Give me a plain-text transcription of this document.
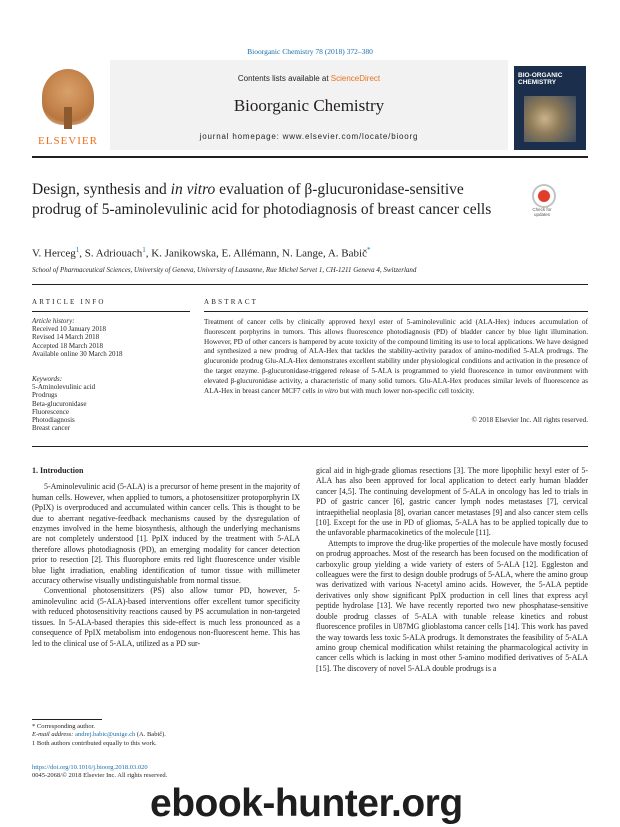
Bioorganic Chemistry 78 (2018) 372–380
ELSEVIER
Contents lists available at ScienceDirect
Bioorganic Chemistry
journal homepage: www.elsevier.com/locate/bioorg
BIO-ORGANIC CHEMISTRY
Design, synthesis and in vitro evaluation of β-glucuronidase-sensitive prodrug of 5-aminolevulinic acid for photodiagnosis of breast cancer cells	Check for updates
V. Herceg$^1$, S. Adriouach$^1$, K. Janikowska, E. Allémann, N. Lange, A. Babič*
School of Pharmaceutical Sciences, University of Geneva, University of Lausanne, Rue Michel Servet 1, CH-1211 Geneva 4, Switzerland
ARTICLE INFO	ABSTRACT
Article history:
Received 10 January 2018
Revised 14 March 2018
Accepted 18 March 2018
Available online 30 March 2018
Keywords:
5-Aminolevulinic acid
Prodrugs
Beta-glucuronidase
Fluorescence
Photodiagnosis
Breast cancer
Treatment of cancer cells by clinically approved hexyl ester of 5-aminolevulinic acid (ALA-Hex) induces accumulation of fluorescent porphyrins in tumors. This allows fluorescence photodiagnosis (PD) of bladder cancer by blue light illumination. However, PD of other cancers is hampered by acute toxicity of the compound limiting its use to local applications. We have designed and synthesized a new prodrug of ALA-Hex that tackles the stability-activity paradox of amino-modified 5-ALA prodrugs. The glucuronide prodrug Glu-ALA-Hex demonstrates excellent stability under physiological conditions and activation in the presence of the target enzyme. β-glucuronidase-triggered release of 5-ALA is programmed to yield fluorescence in tumor environment with elevated β-glucuronidase activity, a characteristic of many solid tumors. Glu-ALA-Hex produces similar levels of fluorescence as ALA-Hex in breast cancer MCF7 cells in vitro but with much lower non-specific cell toxicity.
© 2018 Elsevier Inc. All rights reserved.

1. Introduction

5-Aminolevulinic acid (5-ALA) is a precursor of heme present in the majority of human cells. However, when applied to tumors, a photosensitizer protoporphyrin IX (PpIX) is overproduced and accumulated within cancer cells. This is thought to be due to aberrant negative-feedback mechanisms caused by the dysregulation of enzymes involved in the heme biosynthesis, although the underlying mechanisms are not completely understood [1]. PpIX induced by the treatment with 5-ALA therefore allows photodiagnosis (PD), an emerging modality for cancer detection prior to resection [2]. This fluorophore emits red light fluorescence under visible blue light irradiation, enabling identification of tumor tissue with millimeter accuracy otherwise visually undistinguishable from normal tissue.

Conventional photosensitizers (PS) also allow tumor PD, however, 5-aminolevulinc acid (5-ALA)-based interventions offer excellent tumor specificity with reduced photosensitivity reactions caused by PS accumulation in non-targeted tissues. In 5-ALA-based therapies this side-effect is much less pronounced as a consequence of PpIX metabolism into endogenous non-fluorescent heme. This has led to the clinical use of 5-ALA, utilized as a PD sur-

gical aid in high-grade gliomas resections [3]. The more lipophilic hexyl ester of 5-ALA has also been approved for local application to detect early human bladder cancer [4,5]. The continuing development of 5-ALA in oncology has led to trials in PD of gastric cancer [6], gastric cancer lymph nodes metastases [7], cervical intraepithelial neoplasia [8], ovarian cancer metastases [9] and also cancer stem cells [10]. Except for the use in PD of gliomas, 5-ALA has to be applied topically due to the unfavorable pharmacokinetics of the molecule [11].

Attempts to improve the drug-like properties of the molecule have mostly focused on prodrug approaches. Most of the research has been focused on the modification of carboxylic group yielding a wide variety of esters of 5-ALA [12]. Eggleston and colleagues were the first to design double prodrugs of 5-ALA, where the amino group was derivatized with various N-acetyl amino acids. However, the 5-ALA peptide derivatives only show significant PpIX production in cell lines that express acyl peptide hydrolase [13]. We have recently reported two new phosphatase-sensitive double prodrug classes of 5-ALA with tunable release kinetics and robust fluorescence profiles in U87MG glioblastoma cancer cells [14]. This work has paved the way towards less toxic 5-ALA prodrugs. It demonstrates the feasibility of 5-ALA amino group chemical modification whilst retaining the pharmacological activity in cancer cells which is lacking in most other 5-amino modified derivatives of 5-ALA [15]. The discovery of novel 5-ALA double prodrugs is a

* Corresponding author.
E-mail address: andrej.babic@unige.ch (A. Babič).
1 Both authors contributed equally to this work.
https://doi.org/10.1016/j.bioorg.2018.03.020
0045-2068/© 2018 Elsevier Inc. All rights reserved.
ebook-hunter.org
